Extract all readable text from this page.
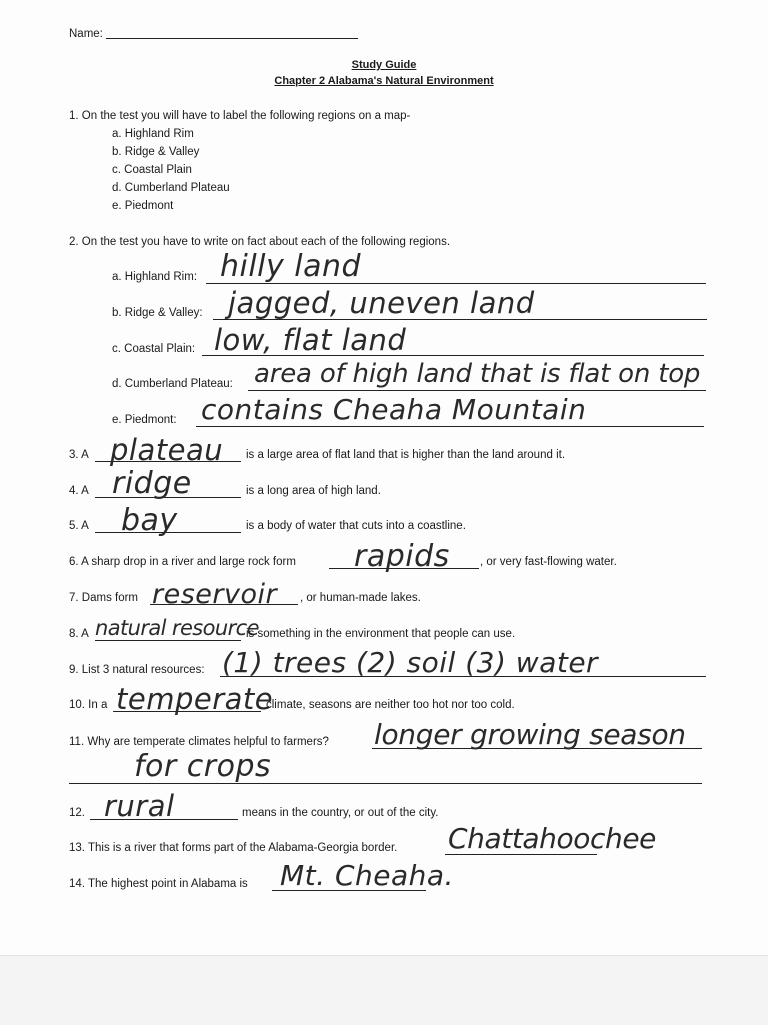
Name:
Study Guide
Chapter 2 Alabama's Natural Environment
1. On the test you will have to label the following regions on a map-
a. Highland Rim
b. Ridge & Valley
c. Coastal Plain
d. Cumberland Plateau
e. Piedmont
2. On the test you have to write on fact about each of the following regions.
a. Highland Rim: hilly land
b. Ridge & Valley: jagged, uneven land
c. Coastal Plain: low, flat land
d. Cumberland Plateau: area of high land that is flat on top
e. Piedmont: contains Cheaha Mountain
3. A plateau is a large area of flat land that is higher than the land around it.
4. A ridge	is a long area of high land.
5. A bay	is a body of water that cuts into a coastline.
6. A sharp drop in a river and large rock form rapids	, or very fast-flowing water.
7. Dams form reservoir , or human-made lakes.
8. A natural resource
is something in the environment that people can use.
9. List 3 natural resources: (1) trees (2) soil (3) water
10. In a temperate
climate, seasons are neither too hot nor too cold.
11. Why are temperate climates helpful to farmers? longer growing season
for crops
12. rural	means in the country, or out of the city.
13. This is a river that forms part of the Alabama-Georgia border. Chattahoochee
14. The highest point in Alabama is Mt. Cheaha.
